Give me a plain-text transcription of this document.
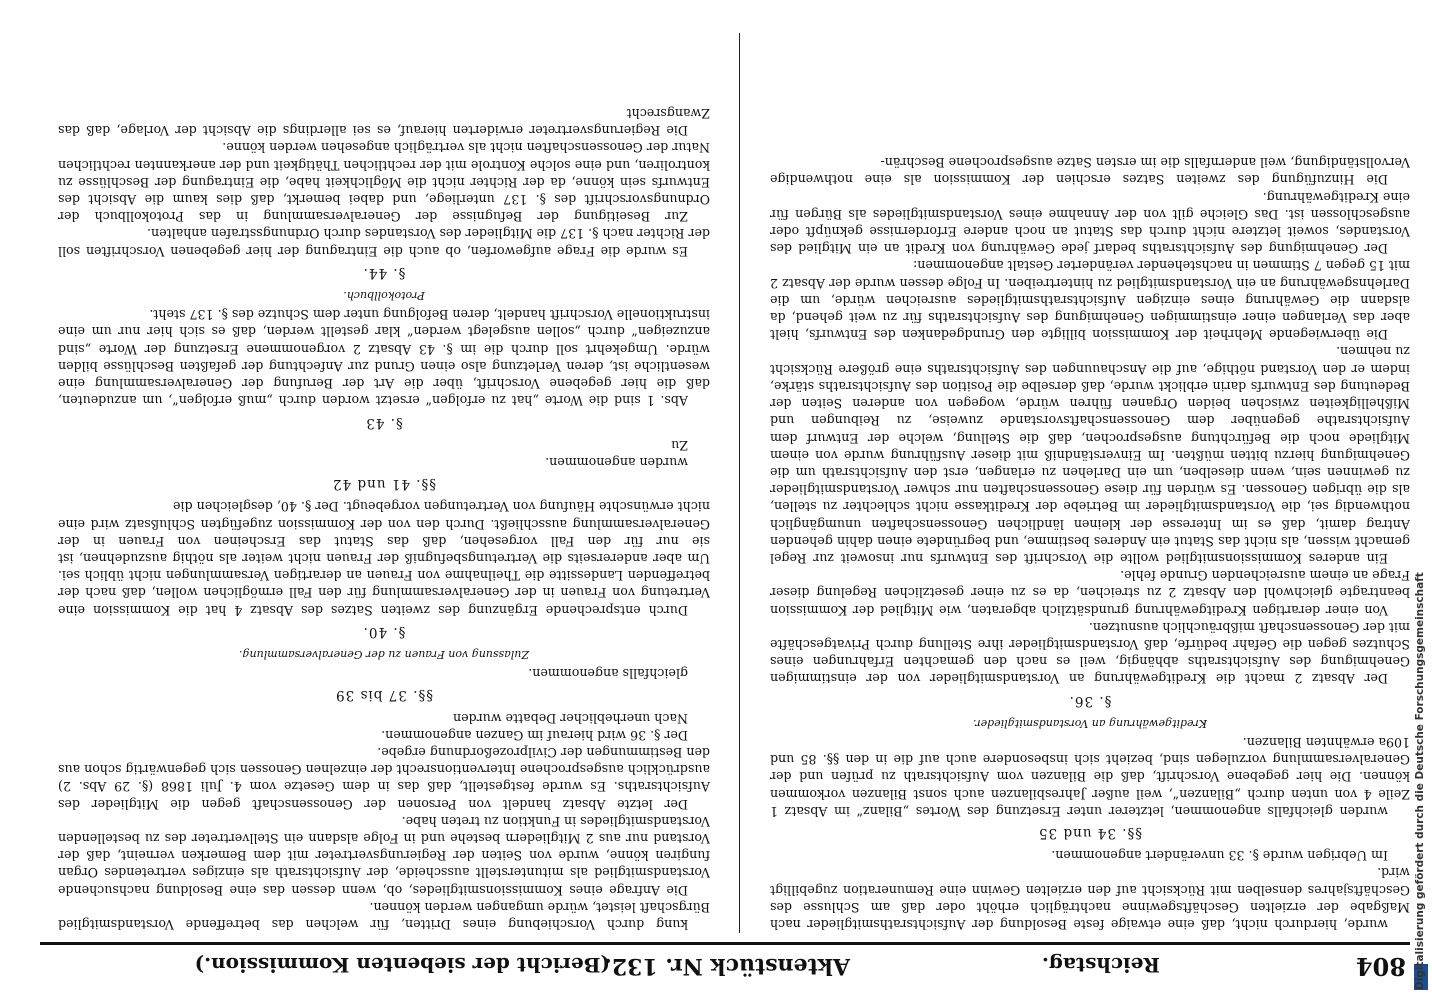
804
Reichstag.
Aktenstück Nr. 132.
(Bericht der siebenten Kommission.)

wurde, hierdurch nicht, daß eine etwaige feste Besoldung der Aufsichtsrathsmitglieder nach Maßgabe der erzielten Geschäftsgewinne nachträglich erhöht oder daß am Schlusse des Geschäftsjahres denselben mit Rücksicht auf den erzielten Gewinn eine Remuneration zugebilligt wird.

Im Uebrigen wurde §. 33 unverändert angenommen.

§§. 34 und 35

wurden gleichfalls angenommen, letzterer unter Ersetzung des Wortes „Bilanz“ im Absatz 1 Zeile 4 von unten durch „Bilanzen“, weil außer Jahresbilanzen auch sonst Bilanzen vorkommen können. Die hier gegebene Vorschrift, daß die Bilanzen vom Aufsichtsrath zu prüfen und der Generalversammlung vorzulegen sind, bezieht sich insbesondere auch auf die in den §§. 85 und 109a erwähnten Bilanzen.

Kreditgewährung an Vorstandsmitglieder.
§. 36.

Der Absatz 2 macht die Kreditgewährung an Vorstandsmitglieder von der einstimmigen Genehmigung des Aufsichtsraths abhängig, weil es nach den gemachten Erfahrungen eines Schutzes gegen die Gefahr bedürfe, daß Vorstandsmitglieder ihre Stellung durch Privatgeschäfte mit der Genossenschaft mißbräuchlich ausnutzen.

Von einer derartigen Kreditgewährung grundsätzlich abgeraten, wie Mitglied der Kommission beantragte gleichwohl den Absatz 2 zu streichen, da es zu einer gesetzlichen Regelung dieser Frage an einem ausreichenden Grunde fehle.

Ein anderes Kommissionsmitglied wollte die Vorschrift des Entwurfs nur insoweit zur Regel gemacht wissen, als nicht das Statut ein Anderes bestimme, und begründete einen dahin gehenden Antrag damit, daß es im Interesse der kleinen ländlichen Genossenschaften unumgänglich nothwendig sei, die Vorstandsmitglieder im Betriebe der Kreditkasse nicht schlechter zu stellen, als die übrigen Genossen. Es würden für diese Genossenschaften nur schwer Vorstandsmitglieder zu gewinnen sein, wenn dieselben, um ein Darlehen zu erlangen, erst den Aufsichtsrath um die Genehmigung hierzu bitten müßten. Im Einverständniß mit dieser Ausführung wurde von einem Mitgliede noch die Befürchtung ausgesprochen, daß die Stellung, welche der Entwurf dem Aufsichtsrathe gegenüber dem Genossenschaftsvorstande zuweise, zu Reibungen und Mißhelligkeiten zwischen beiden Organen führen würde, wogegen von anderen Seiten der Bedeutung des Entwurfs darin erblickt wurde, daß derselbe die Position des Aufsichtsraths stärke, indem er den Vorstand nöthige, auf die Anschauungen des Aufsichtsraths eine größere Rücksicht zu nehmen.

Die überwiegende Mehrheit der Kommission billigte den Grundgedanken des Entwurfs, hielt aber das Verlangen einer einstimmigen Genehmigung des Aufsichtsraths für zu weit gehend, da alsdann die Gewährung eines einzigen Aufsichtsrathsmitgliedes ausreichen würde, um die Darlehnsgewährung an ein Vorstandsmitglied zu hintertreiben. In Folge dessen wurde der Absatz 2 mit 15 gegen 7 Stimmen in nachstehender veränderter Gestalt angenommen:

Der Genehmigung des Aufsichtsraths bedarf jede Gewährung von Kredit an ein Mitglied des Vorstandes, soweit letztere nicht durch das Statut an noch andere Erfordernisse geknüpft oder ausgeschlossen ist. Das Gleiche gilt von der Annahme eines Vorstandsmitgliedes als Bürgen für eine Kreditgewährung.

Die Hinzufügung des zweiten Satzes erschien der Kommission als eine nothwendige Vervollständigung, weil andernfalls die im ersten Satze ausgesprochene Beschrän-

kung durch Vorschiebung eines Dritten, für welchen das betreffende Vorstandsmitglied Bürgschaft leistet, würde umgangen werden können.

Die Anfrage eines Kommissionsmitgliedes, ob, wenn dessen das eine Besoldung nachsuchende Vorstandsmitglied als mitunterstellt ausscheide, der Aufsichtsrath als einziges vertretendes Organ fungiren könne, wurde von Seiten der Regierungsvertreter mit dem Bemerken verneint, daß der Vorstand nur aus 2 Mitgliedern bestehe und in Folge alsdann ein Stellvertreter des zu bestellenden Vorstandsmitgliedes in Funktion zu treten habe.

Der letzte Absatz handelt von Personen der Genossenschaft gegen die Mitglieder des Aufsichtsraths. Es wurde festgestellt, daß das in dem Gesetze vom 4. Juli 1868 (§. 29 Abs. 2) ausdrücklich ausgesprochene Interventionsrecht der einzelnen Genossen sich gegenwärtig schon aus den Bestimmungen der Civilprozeßordnung ergebe.

Der §. 36 wird hierauf im Ganzen angenommen.

Nach unerheblicher Debatte wurden

§§. 37 bis 39

gleichfalls angenommen.

Zulassung von Frauen zu der Generalversammlung.
§. 40.

Durch entsprechende Ergänzung des zweiten Satzes des Absatz 4 hat die Kommission eine Vertretung von Frauen in der Generalversammlung für den Fall ermöglichen wollen, daß nach der betreffenden Landessitte die Theilnahme von Frauen an derartigen Versammlungen nicht üblich sei. Um aber andererseits die Vertretungsbefugniß der Frauen nicht weiter als nöthig auszudehnen, ist sie nur für den Fall vorgesehen, daß das Statut das Erscheinen von Frauen in der Generalversammlung ausschließt. Durch den von der Kommission zugefügten Schlußsatz wird eine nicht erwünschte Häufung von Vertretungen vorgebeugt. Der §. 40, desgleichen die

§§. 41 und 42

wurden angenommen.

Zu

§. 43

Abs. 1 sind die Worte „hat zu erfolgen“ ersetzt worden durch „muß erfolgen“, um anzudeuten, daß die hier gegebene Vorschrift, über die Art der Berufung der Generalversammlung eine wesentliche ist, deren Verletzung also einen Grund zur Anfechtung der gefaßten Beschlüsse bilden würde. Umgekehrt soll durch die im §. 43 Absatz 2 vorgenommene Ersetzung der Worte „sind anzuzeigen“ durch „sollen ausgelegt werden“ klar gestellt werden, daß es sich hier nur um eine instruktionelle Vorschrift handelt, deren Befolgung unter dem Schutze des §. 137 steht.

Protokollbuch.
§. 44.

Es wurde die Frage aufgeworfen, ob auch die Eintragung der hier gegebenen Vorschriften soll der Richter nach §. 137 die Mitglieder des Vorstandes durch Ordnungsstrafen anhalten.

Zur Beseitigung der Befugnisse der Generalversammlung in das Protokollbuch der Ordnungsvorschrift des §. 137 unterliege, und dabei bemerkt, daß dies kaum die Absicht des Entwurfs sein könne, da der Richter nicht die Möglichkeit habe, die Eintragung der Beschlüsse zu kontroliren, und eine solche Kontrole mit der rechtlichen Thätigkeit und der anerkannten rechtlichen Natur der Genossenschaften nicht als verträglich angesehen werden könne.

Die Regierungsvertreter erwiderten hierauf, es sei allerdings die Absicht der Vorlage, daß das Zwangsrecht

Digitalisierung gefördert durch die Deutsche Forschungsgemeinschaft
